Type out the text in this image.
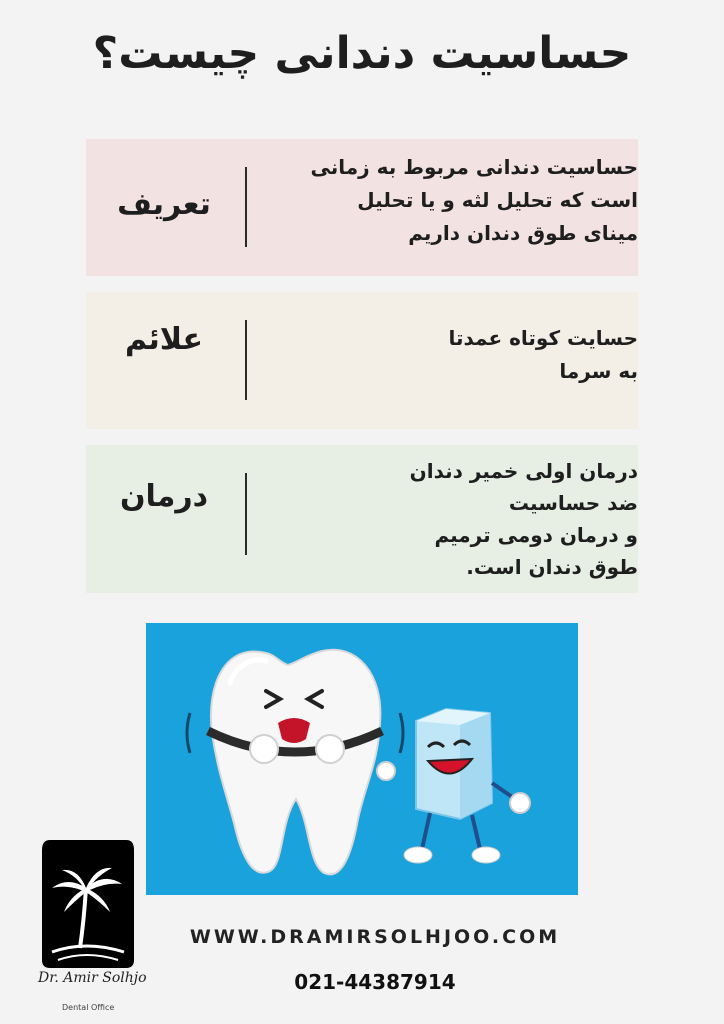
حساسیت دندانی چیست؟
حساسیت دندانی مربوط به زمانی
است که تحلیل لثه و یا تحلیل
مینای طوق دندان داریم
تعریف
حسایت کوتاه عمدتا
به سرما
علائم
درمان اولی خمیر دندان
ضد حساسیت
و درمان دومی ترمیم
طوق دندان است.
درمان
Dr. Amir Solhjo
Dental Office
WWW.DRAMIRSOLHJOO.COM
021-44387914
